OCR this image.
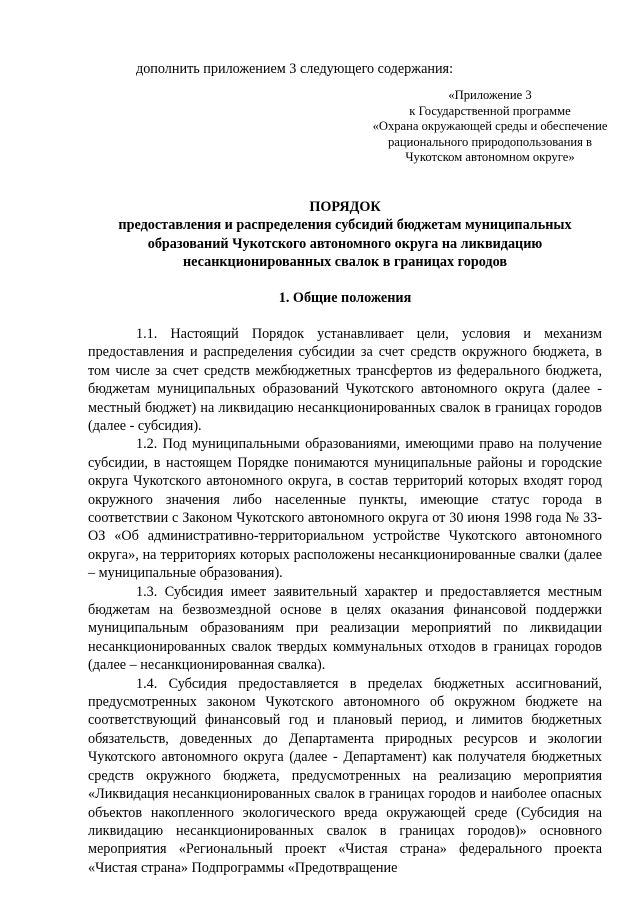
дополнить приложением 3 следующего содержания:
«Приложение 3
к Государственной программе
«Охрана окружающей среды и обеспечение
рационального природопользования в
Чукотском автономном округе»
ПОРЯДОК
предоставления и распределения субсидий бюджетам муниципальных образований Чукотского автономного округа на ликвидацию несанкционированных свалок в границах городов
1. Общие положения

1.1. Настоящий Порядок устанавливает цели, условия и механизм предоставления и распределения субсидии за счет средств окружного бюджета, в том числе за счет средств межбюджетных трансфертов из федерального бюджета, бюджетам муниципальных образований Чукотского автономного округа (далее - местный бюджет) на ликвидацию несанкционированных свалок в границах городов (далее - субсидия).

1.2. Под муниципальными образованиями, имеющими право на получение субсидии, в настоящем Порядке понимаются муниципальные районы и городские округа Чукотского автономного округа, в состав территорий которых входят город окружного значения либо населенные пункты, имеющие статус города в соответствии с Законом Чукотского автономного округа от 30 июня 1998 года № 33-ОЗ «Об административно-территориальном устройстве Чукотского автономного округа», на территориях которых расположены несанкционированные свалки (далее – муниципальные образования).

1.3. Субсидия имеет заявительный характер и предоставляется местным бюджетам на безвозмездной основе в целях оказания финансовой поддержки муниципальным образованиям при реализации мероприятий по ликвидации несанкционированных свалок твердых коммунальных отходов в границах городов (далее – несанкционированная свалка).

1.4. Субсидия предоставляется в пределах бюджетных ассигнований, предусмотренных законом Чукотского автономного об окружном бюджете на соответствующий финансовый год и плановый период, и лимитов бюджетных обязательств, доведенных до Департамента природных ресурсов и экологии Чукотского автономного округа (далее - Департамент) как получателя бюджетных средств окружного бюджета, предусмотренных на реализацию мероприятия «Ликвидация несанкционированных свалок в границах городов и наиболее опасных объектов накопленного экологического вреда окружающей среде (Субсидия на ликвидацию несанкционированных свалок в границах городов)» основного мероприятия «Региональный проект «Чистая страна» федерального проекта «Чистая страна» Подпрограммы «Предотвращение
